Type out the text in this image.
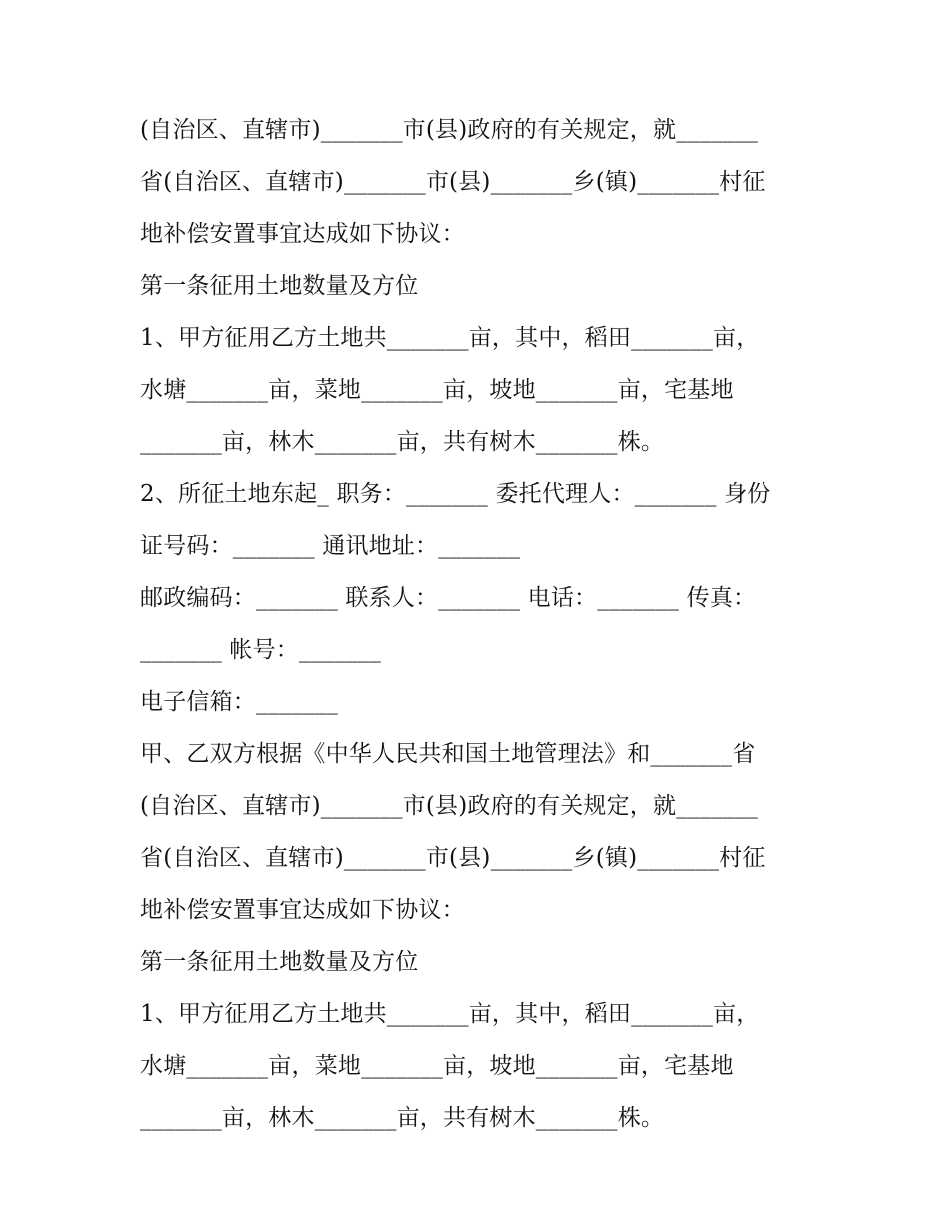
(自治区、直辖市)_______市(县)政府的有关规定，就_______
省(自治区、直辖市)_______市(县)_______乡(镇)_______村征
地补偿安置事宜达成如下协议：
第一条征用土地数量及方位
1、甲方征用乙方土地共_______亩，其中，稻田_______亩，
水塘_______亩，菜地_______亩，坡地_______亩，宅基地
_______亩，林木_______亩，共有树木_______株。
2、所征土地东起_ 职务：_______ 委托代理人：_______ 身份
证号码：_______ 通讯地址：_______
邮政编码：_______ 联系人：_______ 电话：_______ 传真：
_______ 帐号：_______
电子信箱：_______
甲、乙双方根据《中华人民共和国土地管理法》和_______省
(自治区、直辖市)_______市(县)政府的有关规定，就_______
省(自治区、直辖市)_______市(县)_______乡(镇)_______村征
地补偿安置事宜达成如下协议：
第一条征用土地数量及方位
1、甲方征用乙方土地共_______亩，其中，稻田_______亩，
水塘_______亩，菜地_______亩，坡地_______亩，宅基地
_______亩，林木_______亩，共有树木_______株。
